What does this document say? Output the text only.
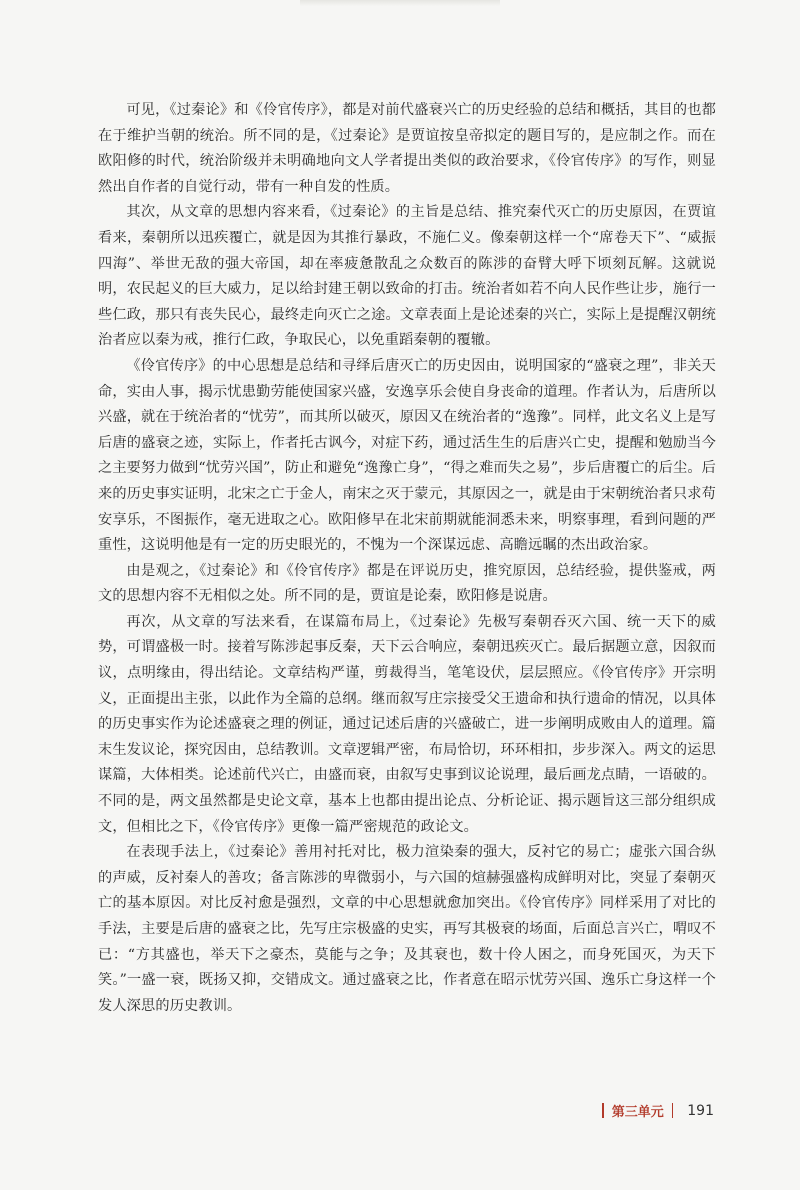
可见，《过秦论》和《伶官传序》，都是对前代盛衰兴亡的历史经验的总结和概括，其目的也都在于维护当朝的统治。所不同的是，《过秦论》是贾谊按皇帝拟定的题目写的，是应制之作。而在欧阳修的时代，统治阶级并未明确地向文人学者提出类似的政治要求，《伶官传序》的写作，则显然出自作者的自觉行动，带有一种自发的性质。

其次，从文章的思想内容来看，《过秦论》的主旨是总结、推究秦代灭亡的历史原因，在贾谊看来，秦朝所以迅疾覆亡，就是因为其推行暴政，不施仁义。像秦朝这样一个“席卷天下”、“威振四海”、举世无敌的强大帝国，却在率疲惫散乱之众数百的陈涉的奋臂大呼下顷刻瓦解。这就说明，农民起义的巨大威力，足以给封建王朝以致命的打击。统治者如若不向人民作些让步，施行一些仁政，那只有丧失民心，最终走向灭亡之途。文章表面上是论述秦的兴亡，实际上是提醒汉朝统治者应以秦为戒，推行仁政，争取民心，以免重蹈秦朝的覆辙。

《伶官传序》的中心思想是总结和寻绎后唐灭亡的历史因由，说明国家的“盛衰之理”，非关天命，实由人事，揭示忧患勤劳能使国家兴盛，安逸享乐会使自身丧命的道理。作者认为，后唐所以兴盛，就在于统治者的“忧劳”，而其所以破灭，原因又在统治者的“逸豫”。同样，此文名义上是写后唐的盛衰之迹，实际上，作者托古讽今，对症下药，通过活生生的后唐兴亡史，提醒和勉励当今之主要努力做到“忧劳兴国”，防止和避免“逸豫亡身”，“得之难而失之易”，步后唐覆亡的后尘。后来的历史事实证明，北宋之亡于金人，南宋之灭于蒙元，其原因之一，就是由于宋朝统治者只求苟安享乐，不图振作，毫无进取之心。欧阳修早在北宋前期就能洞悉未来，明察事理，看到问题的严重性，这说明他是有一定的历史眼光的，不愧为一个深谋远虑、高瞻远瞩的杰出政治家。

由是观之，《过秦论》和《伶官传序》都是在评说历史，推究原因，总结经验，提供鉴戒，两文的思想内容不无相似之处。所不同的是，贾谊是论秦，欧阳修是说唐。

再次，从文章的写法来看，在谋篇布局上，《过秦论》先极写秦朝吞灭六国、统一天下的威势，可谓盛极一时。接着写陈涉起事反秦，天下云合响应，秦朝迅疾灭亡。最后据题立意，因叙而议，点明缘由，得出结论。文章结构严谨，剪裁得当，笔笔设伏，层层照应。《伶官传序》开宗明义，正面提出主张，以此作为全篇的总纲。继而叙写庄宗接受父王遗命和执行遗命的情况，以具体的历史事实作为论述盛衰之理的例证，通过记述后唐的兴盛破亡，进一步阐明成败由人的道理。篇末生发议论，探究因由，总结教训。文章逻辑严密，布局恰切，环环相扣，步步深入。两文的运思谋篇，大体相类。论述前代兴亡，由盛而衰，由叙写史事到议论说理，最后画龙点睛，一语破的。不同的是，两文虽然都是史论文章，基本上也都由提出论点、分析论证、揭示题旨这三部分组织成文，但相比之下，《伶官传序》更像一篇严密规范的政论文。

在表现手法上，《过秦论》善用衬托对比，极力渲染秦的强大，反衬它的易亡；虚张六国合纵的声威，反衬秦人的善攻；备言陈涉的卑微弱小，与六国的煊赫强盛构成鲜明对比，突显了秦朝灭亡的基本原因。对比反衬愈是强烈，文章的中心思想就愈加突出。《伶官传序》同样采用了对比的手法，主要是后唐的盛衰之比，先写庄宗极盛的史实，再写其极衰的场面，后面总言兴亡，喟叹不已：“方其盛也，举天下之豪杰，莫能与之争；及其衰也，数十伶人困之，而身死国灭，为天下笑。”一盛一衰，既扬又抑，交错成文。通过盛衰之比，作者意在昭示忧劳兴国、逸乐亡身这样一个发人深思的历史教训。

第三单元 191
